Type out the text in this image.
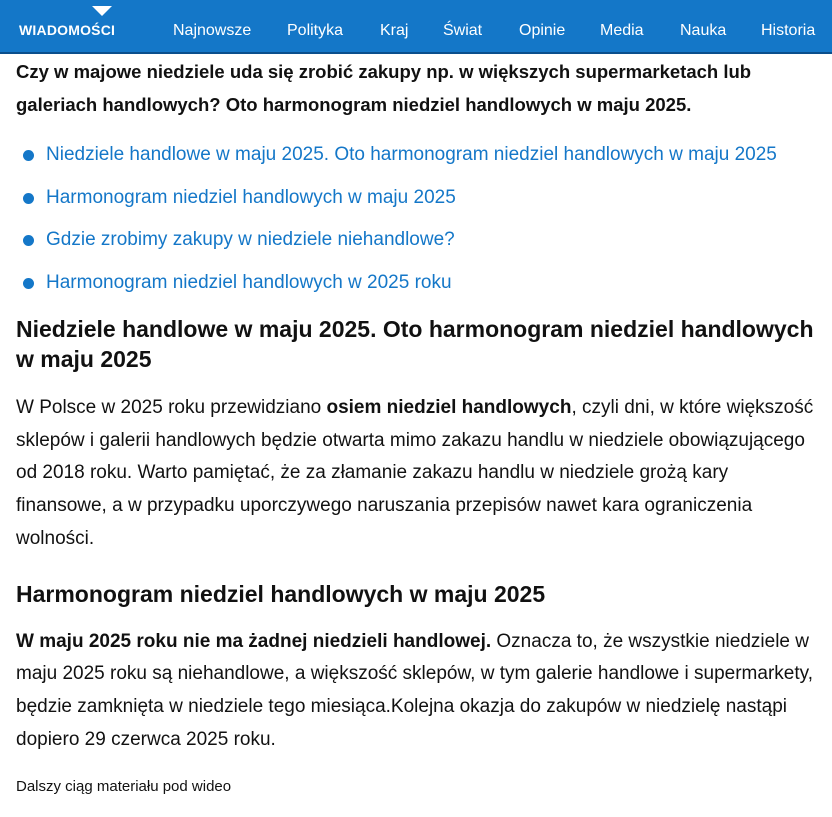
WIADOMOŚCI	Najnowsze Polityka Kraj Świat Opinie Media Nauka Historia

Czy w majowe niedziele uda się zrobić zakupy np. w większych supermarketach lub galeriach handlowych? Oto harmonogram niedziel handlowych w maju 2025.

Niedziele handlowe w maju 2025. Oto harmonogram niedziel handlowych w maju 2025
Harmonogram niedziel handlowych w maju 2025
Gdzie zrobimy zakupy w niedziele niehandlowe?
Harmonogram niedziel handlowych w 2025 roku
Niedziele handlowe w maju 2025. Oto harmonogram niedziel handlowych w maju 2025

W Polsce w 2025 roku przewidziano osiem niedziel handlowych, czyli dni, w które większość sklepów i galerii handlowych będzie otwarta mimo zakazu handlu w niedziele obowiązującego od 2018 roku. Warto pamiętać, że za złamanie zakazu handlu w niedziele grożą kary finansowe, a w przypadku uporczywego naruszania przepisów nawet kara ograniczenia wolności.

Harmonogram niedziel handlowych w maju 2025

W maju 2025 roku nie ma żadnej niedzieli handlowej. Oznacza to, że wszystkie niedziele w maju 2025 roku są niehandlowe, a większość sklepów, w tym galerie handlowe i supermarkety, będzie zamknięta w niedziele tego miesiąca.Kolejna okazja do zakupów w niedzielę nastąpi dopiero 29 czerwca 2025 roku.

Dalszy ciąg materiału pod wideo
